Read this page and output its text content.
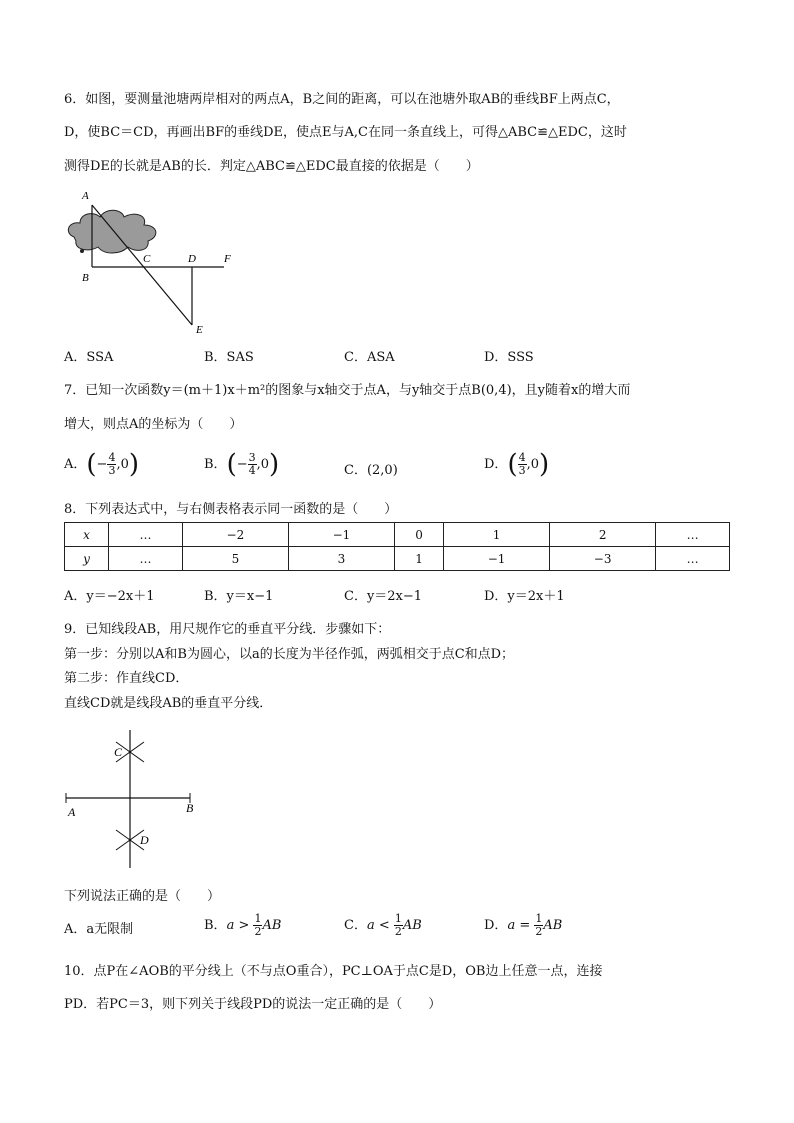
6．如图，要测量池塘两岸相对的两点A，B之间的距离，可以在池塘外取AB的垂线BF上两点C，
D，使BC＝CD，再画出BF的垂线DE，使点E与A,C在同一条直线上，可得△ABC≌△EDC，这时
测得DE的长就是AB的长．判定△ABC≌△EDC最直接的依据是（　　）
A
B
C	D	F
E
A．SSA	B．SAS	C．ASA	D．SSS
7．已知一次函数y＝(m＋1)x＋m²的图象与x轴交于点A，与y轴交于点B(0,4)，且y随着x的增大而
增大，则点A的坐标为（　　）
A．(− $\frac{4}{3} ,0$)	B．(− $\frac{3}{4} ,0$)	C．(2,0)	D．( $\frac{4}{3} ,0$)
8．下列表达式中，与右侧表格表示同一函数的是（　　）
x	…	−2	−1	0	1	2	…
y	…	5	3	1	−1	−3	…
A．y＝−2x＋1	B．y＝x−1	C．y＝2x−1	D．y＝2x＋1
9．已知线段AB，用尺规作它的垂直平分线．步骤如下：
第一步：分别以A和B为圆心，以a的长度为半径作弧，两弧相交于点C和点D；
第二步：作直线CD．
直线CD就是线段AB的垂直平分线．
C
D
A	B
下列说法正确的是（　　）
A．a无限制	B．$a > \frac{1}{2}$ AB	C．$a < \frac{1}{2}$ AB	D．$a = \frac{1}{2}$ AB
10．点P在∠AOB的平分线上（不与点O重合），PC⊥OA于点C是D，OB边上任意一点，连接
PD．若PC＝3，则下列关于线段PD的说法一定正确的是（　　）
